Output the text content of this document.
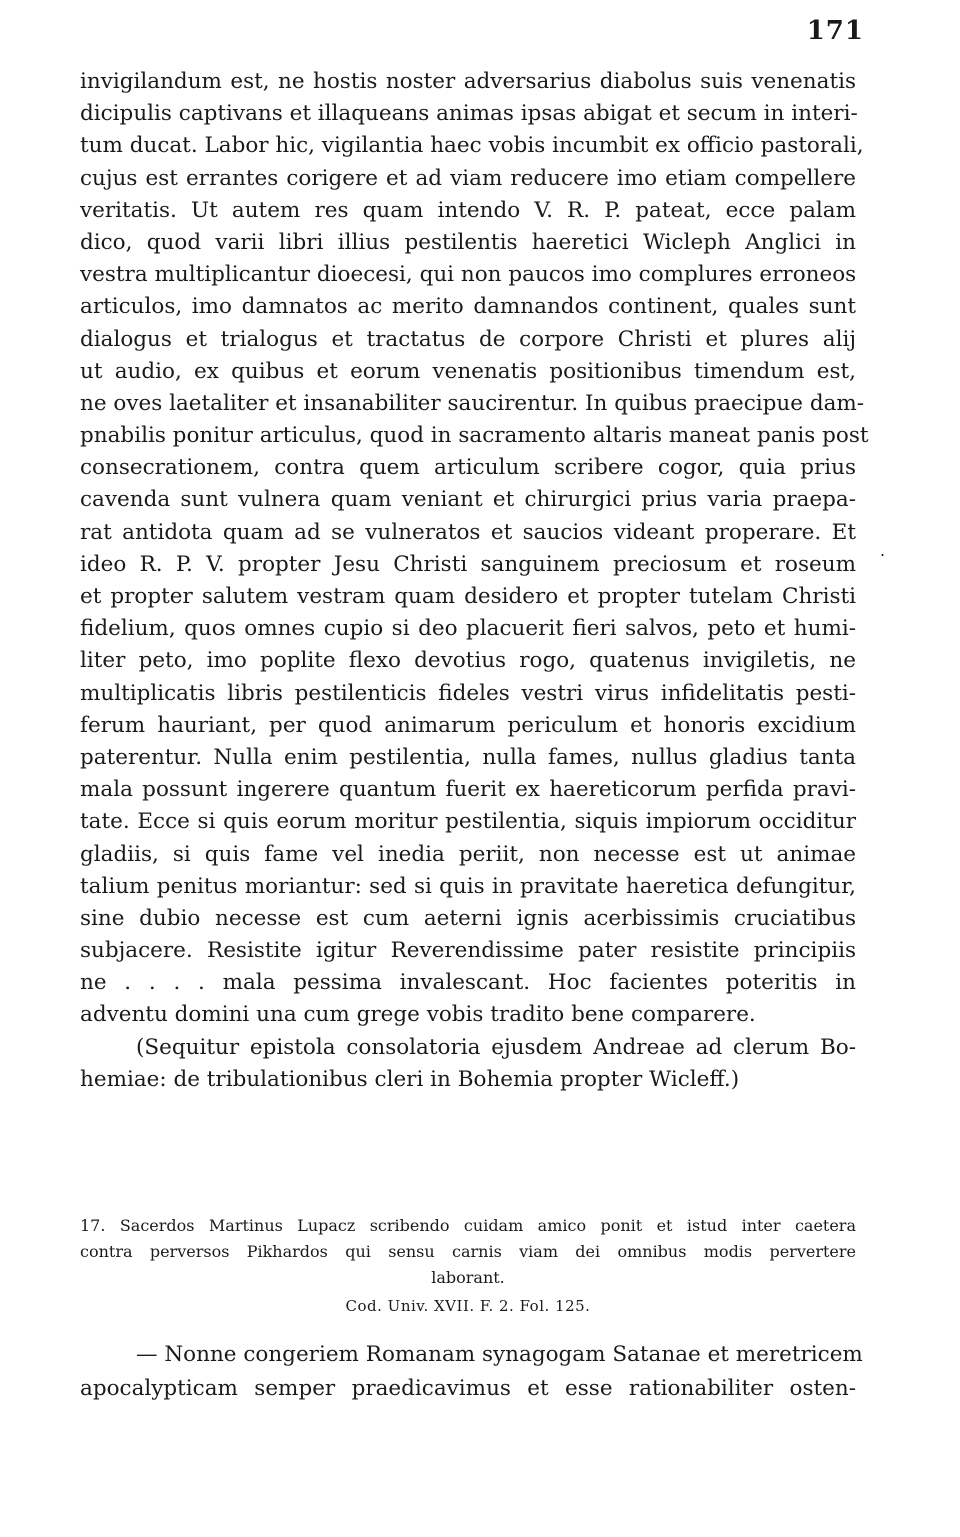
171
.
invigilandum est, ne hostis noster adversarius diabolus suis venenatis
dicipulis captivans et illaqueans animas ipsas abigat et secum in interi-
tum ducat. Labor hic, vigilantia haec vobis incumbit ex officio pastorali,
cujus est errantes corigere et ad viam reducere imo etiam compellere
veritatis. Ut autem res quam intendo V. R. P. pateat, ecce palam
dico, quod varii libri illius pestilentis haeretici Wicleph Anglici in
vestra multiplicantur dioecesi, qui non paucos imo complures erroneos
articulos, imo damnatos ac merito damnandos continent, quales sunt
dialogus et trialogus et tractatus de corpore Christi et plures alij
ut audio, ex quibus et eorum venenatis positionibus timendum est,
ne oves laetaliter et insanabiliter saucirentur. In quibus praecipue dam-
pnabilis ponitur articulus, quod in sacramento altaris maneat panis post
consecrationem, contra quem articulum scribere cogor, quia prius
cavenda sunt vulnera quam veniant et chirurgici prius varia praepa-
rat antidota quam ad se vulneratos et saucios videant properare. Et
ideo R. P. V. propter Jesu Christi sanguinem preciosum et roseum
et propter salutem vestram quam desidero et propter tutelam Christi
fidelium, quos omnes cupio si deo placuerit fieri salvos, peto et humi-
liter peto, imo poplite flexo devotius rogo, quatenus invigiletis, ne
multiplicatis libris pestilenticis fideles vestri virus infidelitatis pesti-
ferum hauriant, per quod animarum periculum et honoris excidium
paterentur. Nulla enim pestilentia, nulla fames, nullus gladius tanta
mala possunt ingerere quantum fuerit ex haereticorum perfida pravi-
tate. Ecce si quis eorum moritur pestilentia, siquis impiorum occiditur
gladiis, si quis fame vel inedia periit, non necesse est ut animae
talium penitus moriantur: sed si quis in pravitate haeretica defungitur,
sine dubio necesse est cum aeterni ignis acerbissimis cruciatibus
subjacere. Resistite igitur Reverendissime pater resistite principiis
ne . . . . mala pessima invalescant. Hoc facientes poteritis in
adventu domini una cum grege vobis tradito bene comparere.
(Sequitur epistola consolatoria ejusdem Andreae ad clerum Bo-
hemiae: de tribulationibus cleri in Bohemia propter Wicleff.)
17. Sacerdos Martinus Lupacz scribendo cuidam amico ponit et istud inter caetera
contra perversos Pikhardos qui sensu carnis viam dei omnibus modis pervertere
laborant.
Cod. Univ. XVII. F. 2. Fol. 125.
— Nonne congeriem Romanam synagogam Satanae et meretricem
apocalypticam semper praedicavimus et esse rationabiliter osten-
